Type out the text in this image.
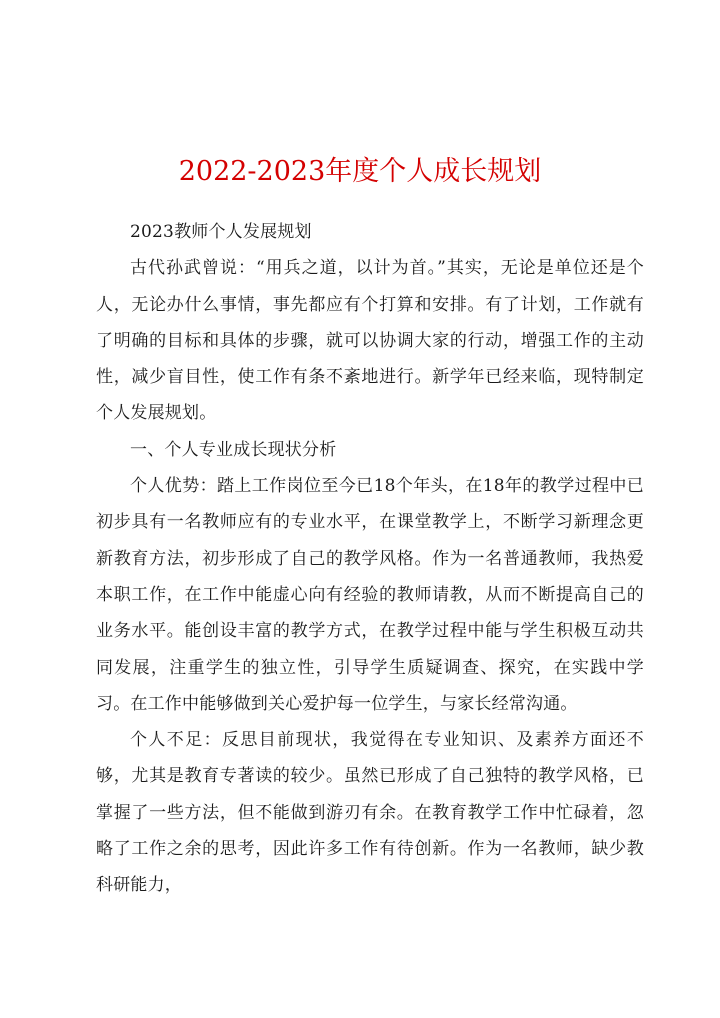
2022-2023年度个人成长规划

2023教师个人发展规划

古代孙武曾说：“用兵之道，以计为首。”其实，无论是单位还是个人，无论办什么事情，事先都应有个打算和安排。有了计划，工作就有了明确的目标和具体的步骤，就可以协调大家的行动，增强工作的主动性，减少盲目性，使工作有条不紊地进行。新学年已经来临，现特制定个人发展规划。

一、个人专业成长现状分析

个人优势：踏上工作岗位至今已18个年头，在18年的教学过程中已初步具有一名教师应有的专业水平，在课堂教学上，不断学习新理念更新教育方法，初步形成了自己的教学风格。作为一名普通教师，我热爱本职工作，在工作中能虚心向有经验的教师请教，从而不断提高自己的业务水平。能创设丰富的教学方式，在教学过程中能与学生积极互动共同发展，注重学生的独立性，引导学生质疑调查、探究，在实践中学习。在工作中能够做到关心爱护每一位学生，与家长经常沟通。

个人不足：反思目前现状，我觉得在专业知识、及素养方面还不够，尤其是教育专著读的较少。虽然已形成了自己独特的教学风格，已掌握了一些方法，但不能做到游刃有余。在教育教学工作中忙碌着，忽略了工作之余的思考，因此许多工作有待创新。作为一名教师，缺少教科研能力，
